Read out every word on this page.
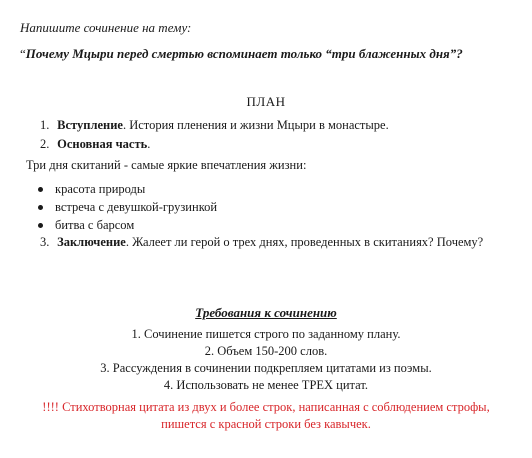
Напишите сочинение на тему:
“Почему Мцыри перед смертью вспоминает только “три блаженных дня”?
ПЛАН
1. Вступление. История пленения и жизни Мцыри в монастыре.
2. Основная часть.
Три дня скитаний - самые яркие впечатления жизни:
красота природы
встреча с девушкой-грузинкой
битва с барсом
3. Заключение. Жалеет ли герой о трех днях, проведенных в скитаниях? Почему?
Требования к сочинению
1. Сочинение пишется строго по заданному плану.
2. Объем 150-200 слов.
3. Рассуждения в сочинении подкрепляем цитатами из поэмы.
4. Использовать не менее ТРЕХ цитат.
!!!! Стихотворная цитата из двух и более строк, написанная с соблюдением строфы,
пишется с красной строки без кавычек.
